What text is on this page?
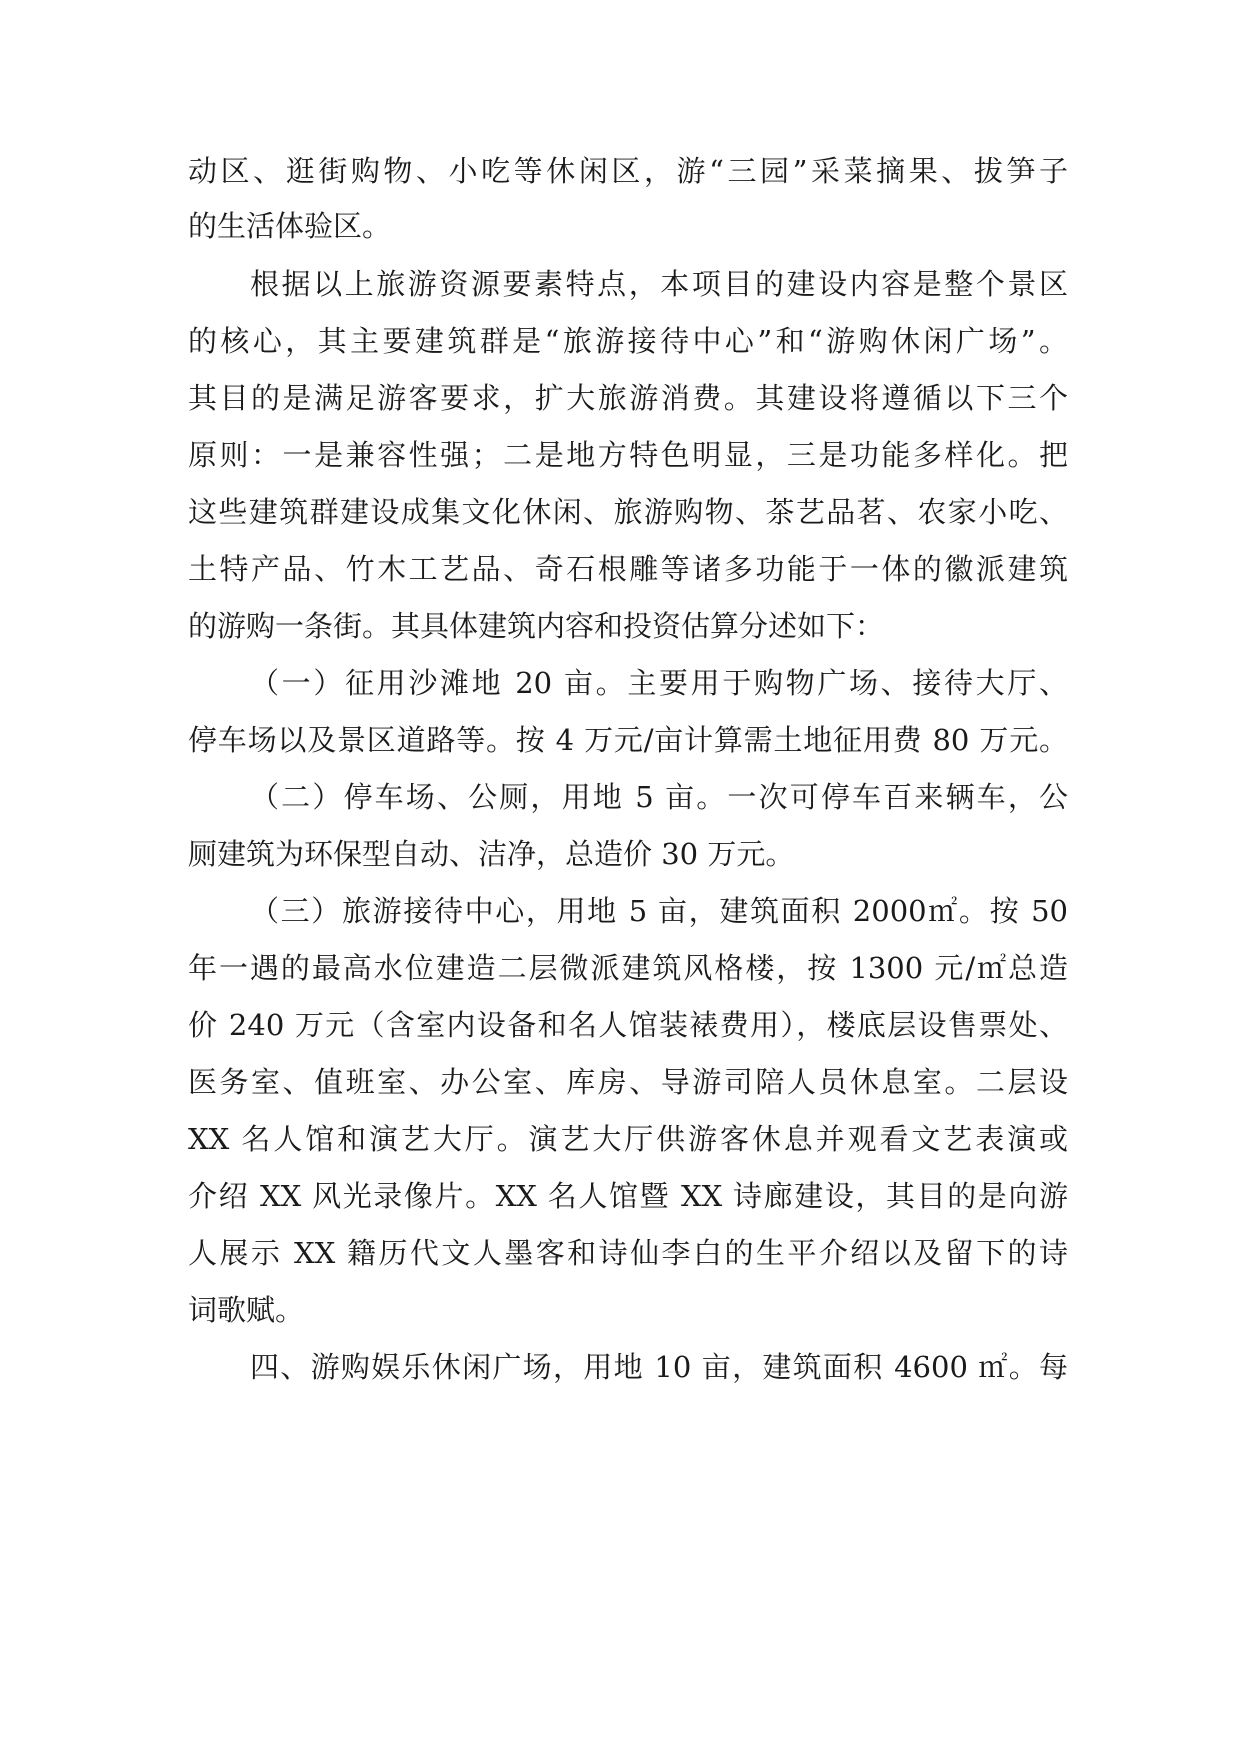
动区、逛街购物、小吃等休闲区，游“三园”采菜摘果、拔笋子
的生活体验区。
根据以上旅游资源要素特点，本项目的建设内容是整个景区
的核心，其主要建筑群是“旅游接待中心”和“游购休闲广场”。
其目的是满足游客要求，扩大旅游消费。其建设将遵循以下三个
原则：一是兼容性强；二是地方特色明显，三是功能多样化。把
这些建筑群建设成集文化休闲、旅游购物、茶艺品茗、农家小吃、
土特产品、竹木工艺品、奇石根雕等诸多功能于一体的徽派建筑
的游购一条街。其具体建筑内容和投资估算分述如下：
（一）征用沙滩地 20 亩。主要用于购物广场、接待大厅、
停车场以及景区道路等。按 4 万元/亩计算需土地征用费 80 万元。
（二）停车场、公厕，用地 5 亩。一次可停车百来辆车，公
厕建筑为环保型自动、洁净，总造价 30 万元。
（三）旅游接待中心，用地 5 亩，建筑面积 2000㎡。按 50
年一遇的最高水位建造二层微派建筑风格楼，按 1300 元/㎡总造
价 240 万元（含室内设备和名人馆装裱费用），楼底层设售票处、
医务室、值班室、办公室、库房、导游司陪人员休息室。二层设
XX 名人馆和演艺大厅。演艺大厅供游客休息并观看文艺表演或
介绍 XX 风光录像片。XX 名人馆暨 XX 诗廊建设，其目的是向游
人展示 XX 籍历代文人墨客和诗仙李白的生平介绍以及留下的诗
词歌赋。
四、游购娱乐休闲广场，用地 10 亩，建筑面积 4600 ㎡。每
